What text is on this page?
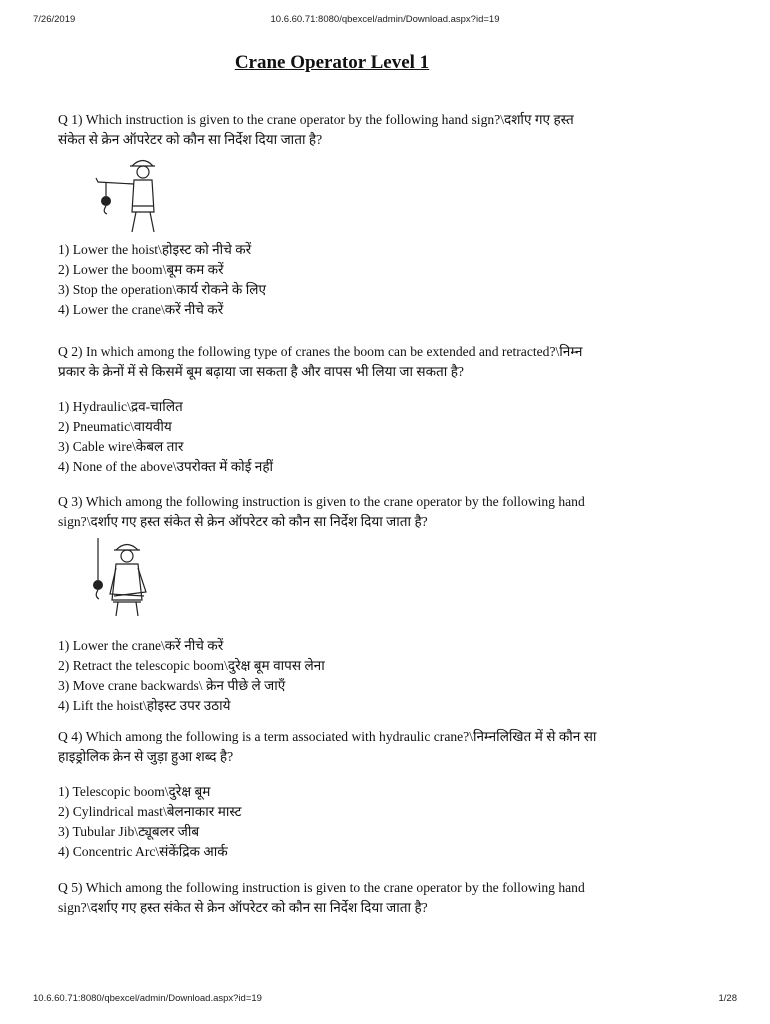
7/26/2019	10.6.60.71:8080/qbexcel/admin/Download.aspx?id=19
Crane Operator Level 1

Q 1) Which instruction is given to the crane operator by the following hand sign?\दर्शाए गए हस्त संकेत से क्रेन ऑपरेटर को कौन सा निर्देश दिया जाता है?

1) Lower the hoist\होइस्ट को नीचे करें
2) Lower the boom\बूम कम करें
3) Stop the operation\कार्य रोकने के लिए
4) Lower the crane\करें नीचे करें

Q 2) In which among the following type of cranes the boom can be extended and retracted?\निम्न प्रकार के क्रेनों में से किसमें बूम बढ़ाया जा सकता है और वापस भी लिया जा सकता है?

1) Hydraulic\द्रव-चालित
2) Pneumatic\वायवीय
3) Cable wire\केबल तार
4) None of the above\उपरोक्त में कोई नहीं

Q 3) Which among the following instruction is given to the crane operator by the following hand sign?\दर्शाए गए हस्त संकेत से क्रेन ऑपरेटर को कौन सा निर्देश दिया जाता है?

1) Lower the crane\करें नीचे करें
2) Retract the telescopic boom\दुरेक्ष बूम वापस लेना
3) Move crane backwards\ क्रेन पीछे ले जाएँ
4) Lift the hoist\होइस्ट उपर उठाये

Q 4) Which among the following is a term associated with hydraulic crane?\निम्नलिखित में से कौन सा हाइड्रोलिक क्रेन से जुड़ा हुआ शब्द है?

1) Telescopic boom\दुरेक्ष बूम
2) Cylindrical mast\बेलनाकार मास्ट
3) Tubular Jib\ट्यूबलर जीब
4) Concentric Arc\संकेंद्रिक आर्क

Q 5) Which among the following instruction is given to the crane operator by the following hand sign?\दर्शाए गए हस्त संकेत से क्रेन ऑपरेटर को कौन सा निर्देश दिया जाता है?

10.6.60.71:8080/qbexcel/admin/Download.aspx?id=19	1/28
